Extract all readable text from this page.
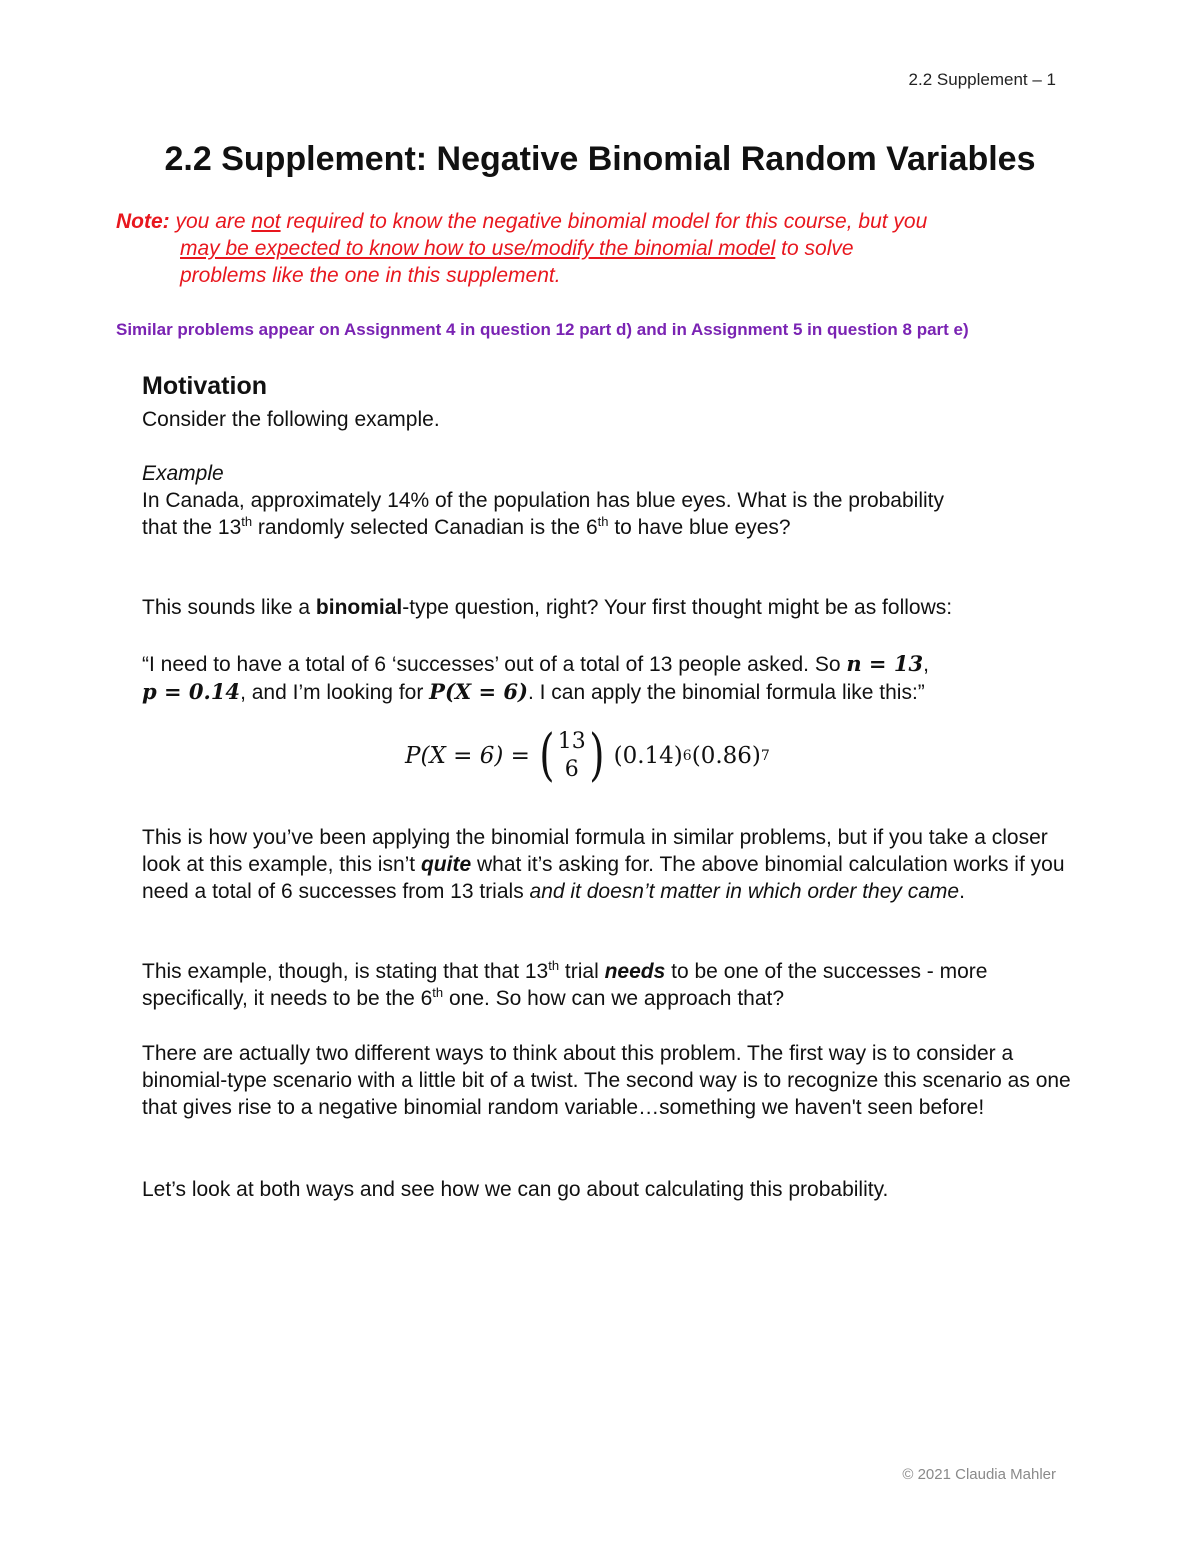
2.2 Supplement – 1
2.2 Supplement: Negative Binomial Random Variables
Note: you are not required to know the negative binomial model for this course, but you
may be expected to know how to use/modify the binomial model to solve
problems like the one in this supplement.
Similar problems appear on Assignment 4 in question 12 part d) and in Assignment 5 in question 8 part e)
Motivation

Consider the following example.

Example
In Canada, approximately 14% of the population has blue eyes. What is the probability
that the 13th randomly selected Canadian is the 6th to have blue eyes?

This sounds like a binomial-type question, right? Your first thought might be as follows:

“I need to have a total of 6 ‘successes’ out of a total of 13 people asked. So n = 13,
p = 0.14, and I’m looking for P(X = 6). I can apply the binomial formula like this:”

P(X = 6) = ( 13
6 ) (0.14) 6 (0.86) 7

This is how you’ve been applying the binomial formula in similar problems, but if you take a closer look at this example, this isn’t quite what it’s asking for. The above binomial calculation works if you need a total of 6 successes from 13 trials and it doesn’t matter in which order they came.

This example, though, is stating that that 13th trial needs to be one of the successes - more specifically, it needs to be the 6th one. So how can we approach that?

There are actually two different ways to think about this problem. The first way is to consider a binomial-type scenario with a little bit of a twist. The second way is to recognize this scenario as one that gives rise to a negative binomial random variable…something we haven't seen before!

Let’s look at both ways and see how we can go about calculating this probability.

© 2021 Claudia Mahler
